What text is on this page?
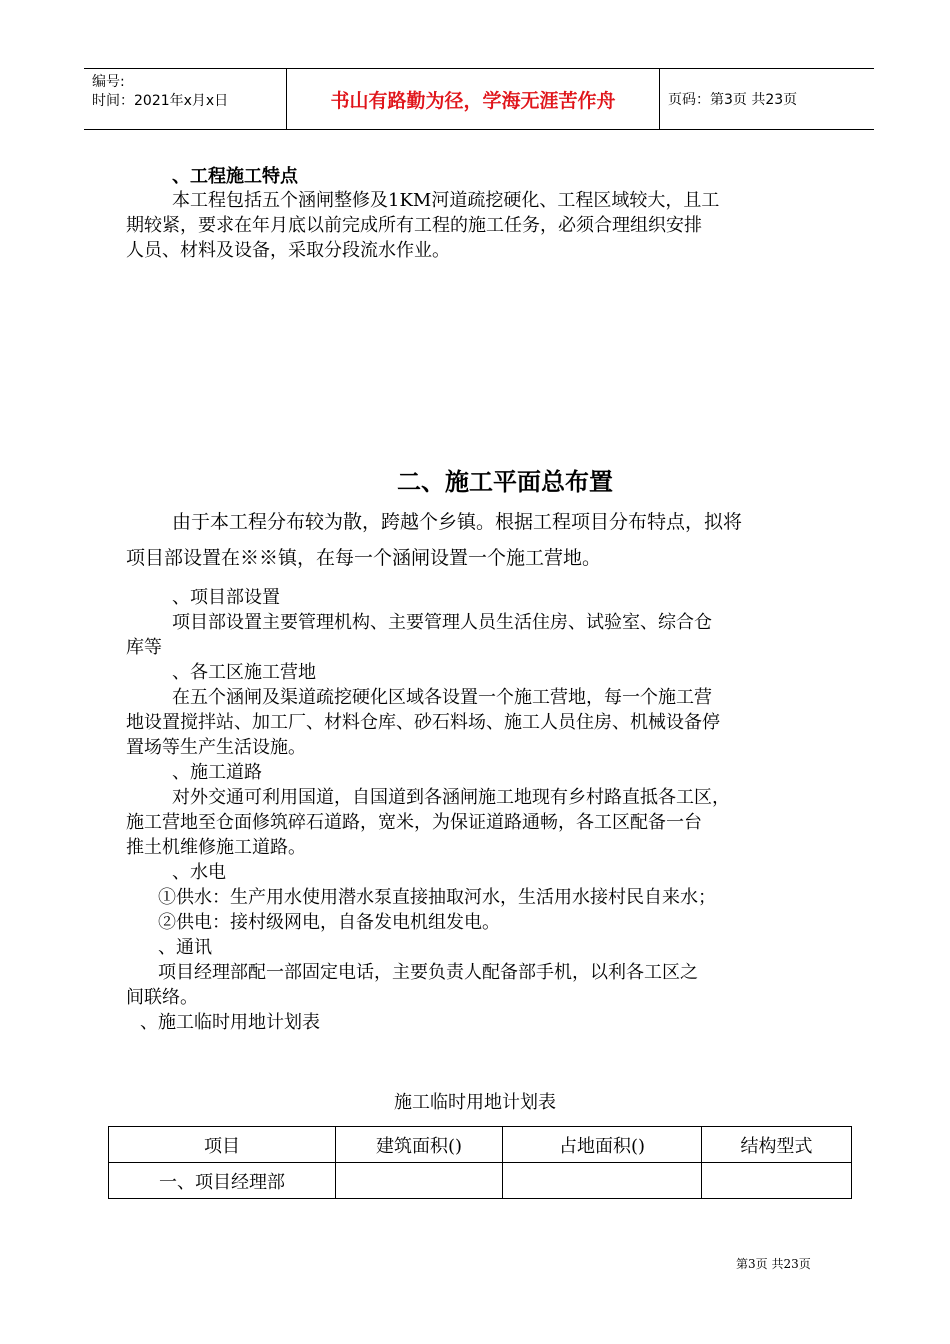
编号:
时间：2021年x月x日	书山有路勤为径，学海无涯苦作舟	页码：第3页 共23页
、工程施工特点
本工程包括五个涵闸整修及1KM河道疏挖硬化、工程区域较大，且工
期较紧，要求在年月底以前完成所有工程的施工任务，必须合理组织安排
人员、材料及设备，采取分段流水作业。
二、施工平面总布置
由于本工程分布较为散，跨越个乡镇。根据工程项目分布特点，拟将
项目部设置在※※镇，在每一个涵闸设置一个施工营地。
、项目部设置
项目部设置主要管理机构、主要管理人员生活住房、试验室、综合仓
库等
、各工区施工营地
在五个涵闸及渠道疏挖硬化区域各设置一个施工营地，每一个施工营
地设置搅拌站、加工厂、材料仓库、砂石料场、施工人员住房、机械设备停
置场等生产生活设施。
、施工道路
对外交通可利用国道，自国道到各涵闸施工地现有乡村路直抵各工区，
施工营地至仓面修筑碎石道路，宽米，为保证道路通畅，各工区配备一台
推土机维修施工道路。
、水电
①供水：生产用水使用潜水泵直接抽取河水，生活用水接村民自来水；
②供电：接村级网电，自备发电机组发电。
、通讯
项目经理部配一部固定电话，主要负责人配备部手机，以利各工区之
间联络。
、施工临时用地计划表
施工临时用地计划表
项目	建筑面积()	占地面积()	结构型式
一、项目经理部			
第3页 共23页
